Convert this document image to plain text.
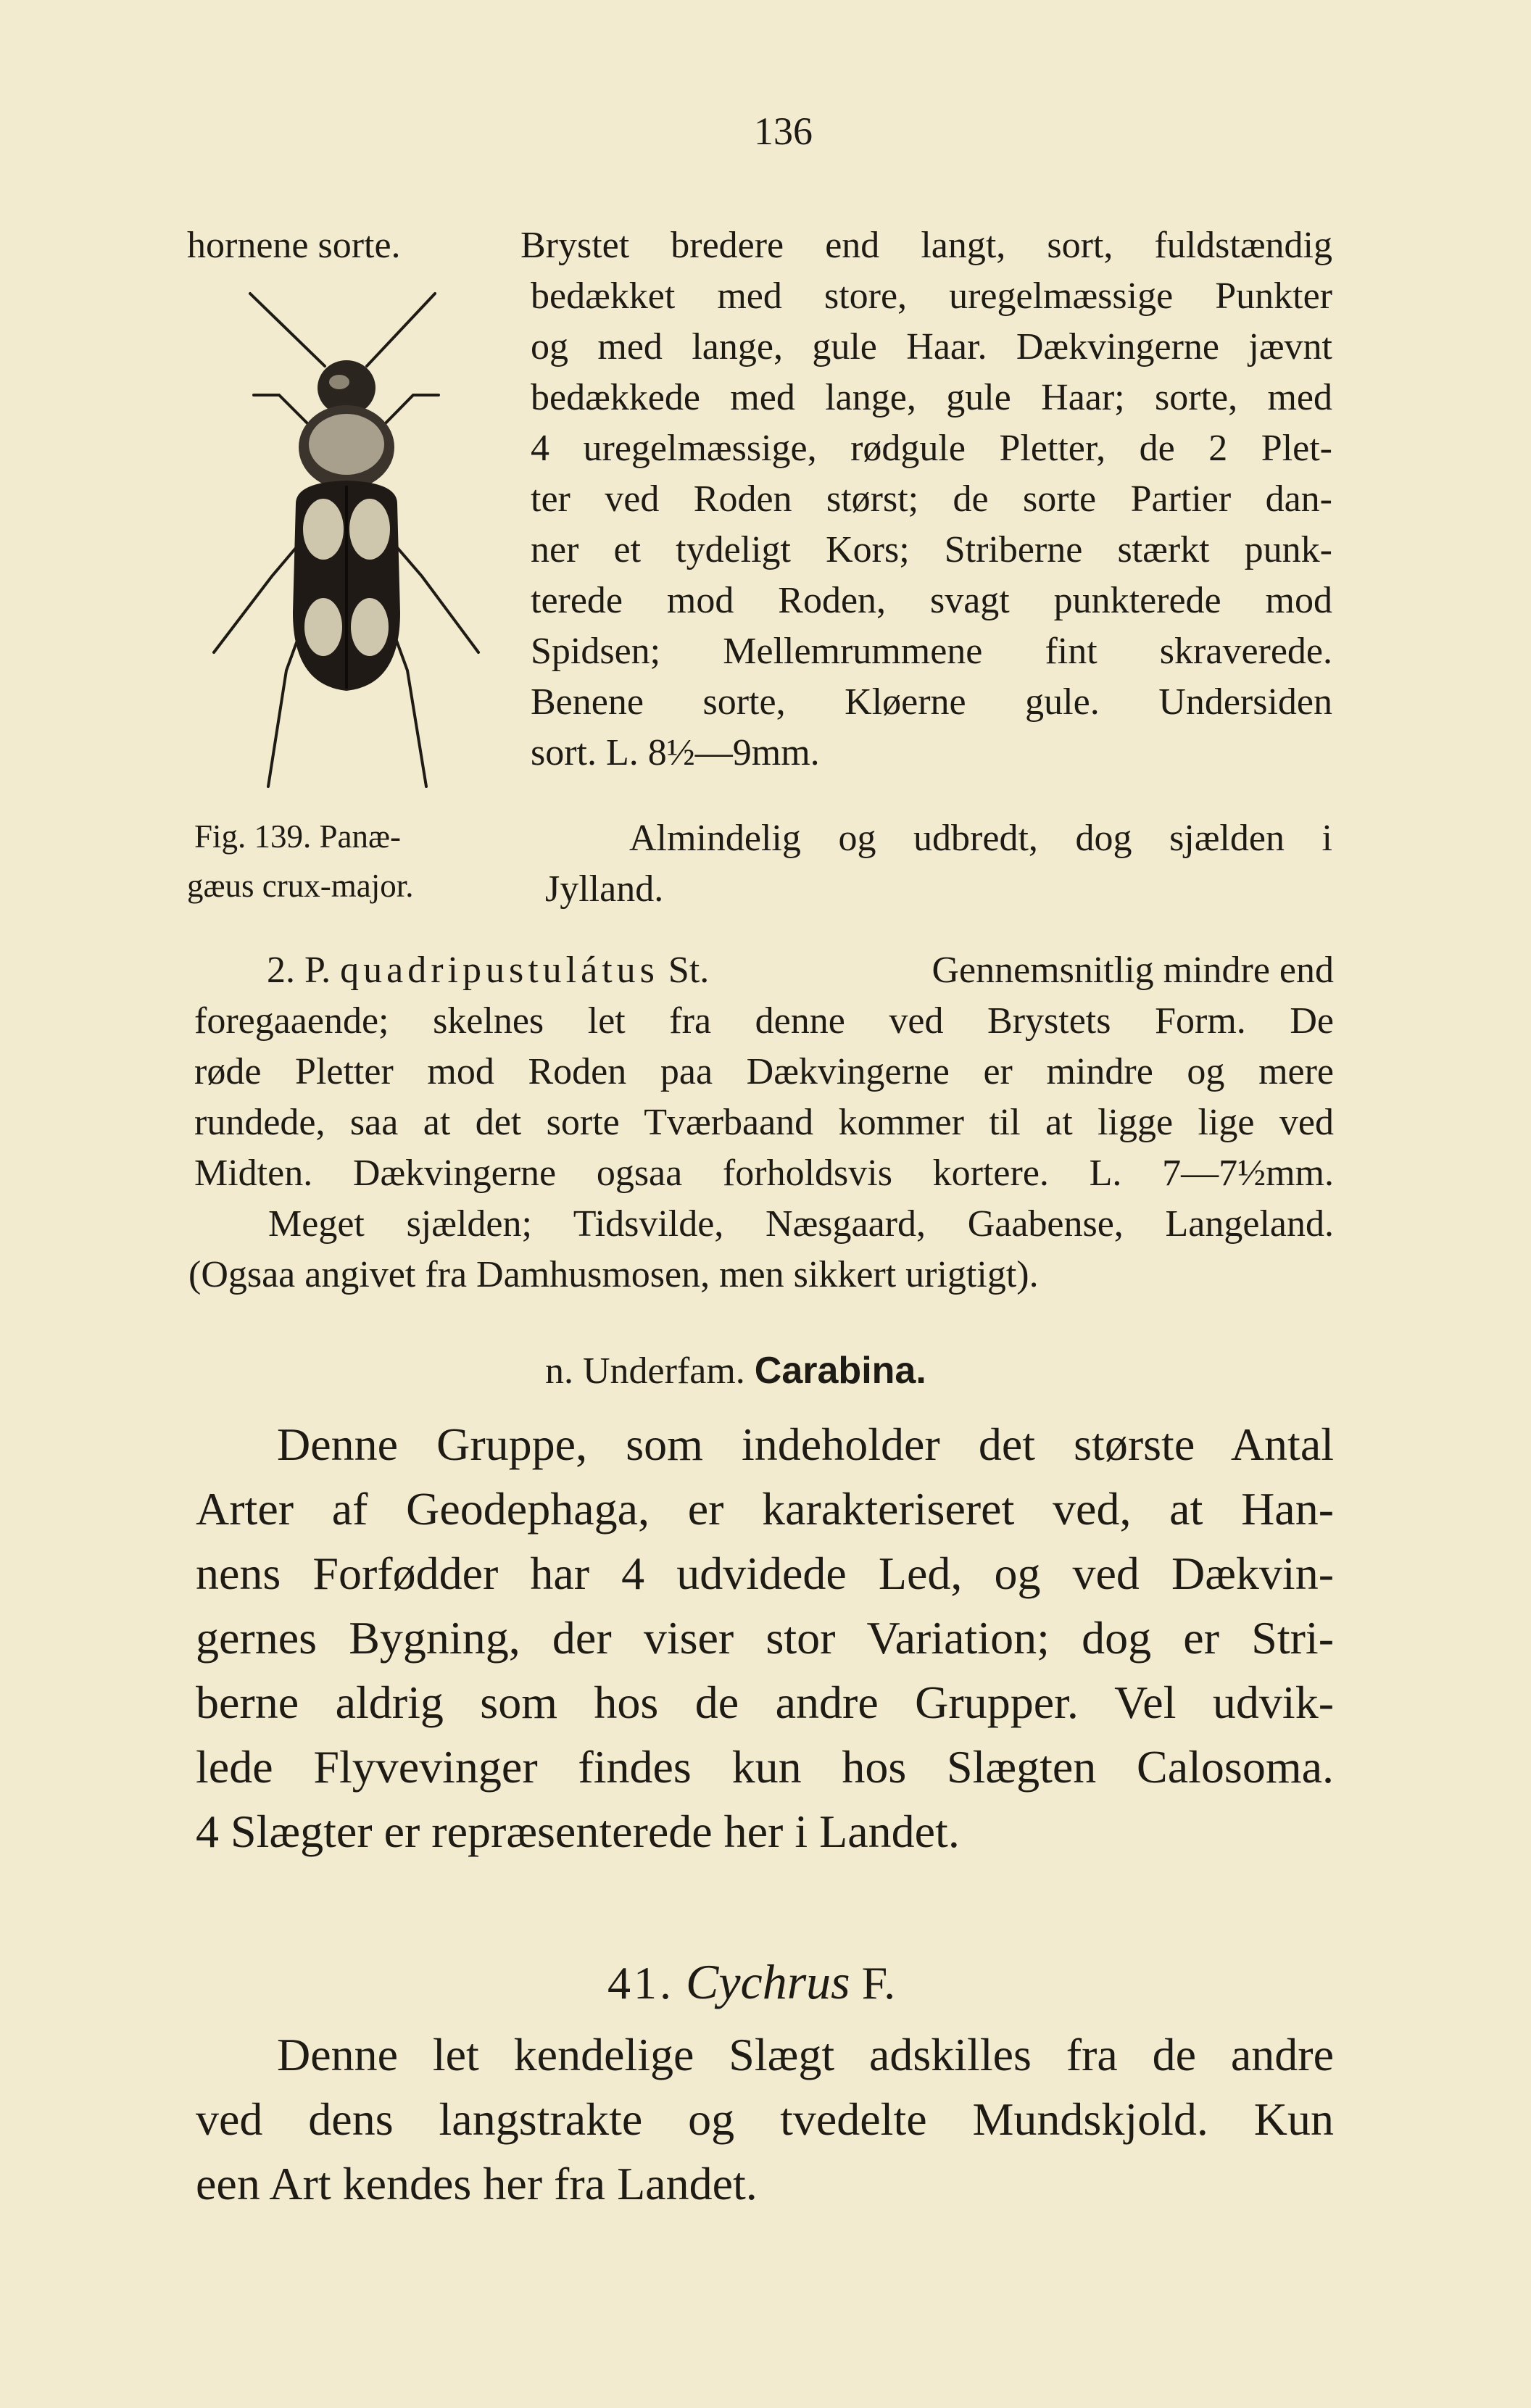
136
hornene sorte.	Brystet bredere end langt, sort, fuldstændig
bedækket med store, uregelmæssige Punkter
og med lange, gule Haar. Dækvingerne jævnt
bedækkede med lange, gule Haar; sorte, med
4 uregelmæssige, rødgule Pletter, de 2 Plet-
ter ved Roden størst; de sorte Partier dan-
ner et tydeligt Kors; Striberne stærkt punk-
terede mod Roden, svagt punkterede mod
Spidsen; Mellemrummene fint skraverede.
Benene sorte, Kløerne gule. Undersiden
sort. L. 8½—9mm.
Almindelig og udbredt, dog sjælden i
Jylland.
Fig. 139. Panæ-
gæus crux-major.
2. P. quadripustulátus St.	Gennemsnitlig mindre end
foregaaende; skelnes let fra denne ved Brystets Form. De
røde Pletter mod Roden paa Dækvingerne er mindre og mere
rundede, saa at det sorte Tværbaand kommer til at ligge lige ved
Midten. Dækvingerne ogsaa forholdsvis kortere. L. 7—7½mm.
Meget sjælden; Tidsvilde, Næsgaard, Gaabense, Langeland.
(Ogsaa angivet fra Damhusmosen, men sikkert urigtigt).
n. Underfam. Carabina.
Denne Gruppe, som indeholder det største Antal
Arter af Geodephaga, er karakteriseret ved, at Han-
nens Forfødder har 4 udvidede Led, og ved Dækvin-
gernes Bygning, der viser stor Variation; dog er Stri-
berne aldrig som hos de andre Grupper. Vel udvik-
lede Flyvevinger findes kun hos Slægten Calosoma.
4 Slægter er repræsenterede her i Landet.
41. Cychrus F.
Denne let kendelige Slægt adskilles fra de andre
ved dens langstrakte og tvedelte Mundskjold. Kun
een Art kendes her fra Landet.
